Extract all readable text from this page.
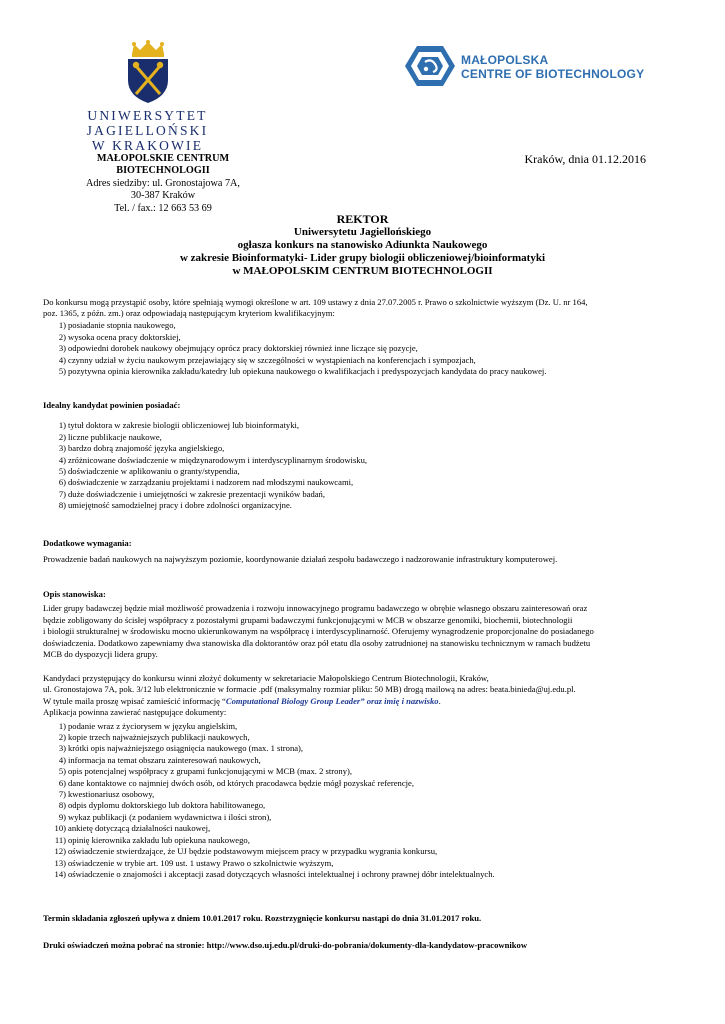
UNIWERSYTET JAGIELLOŃSKI
W KRAKOWIE
MAŁOPOLSKA
CENTRE OF BIOTECHNOLOGY
MAŁOPOLSKIE CENTRUM
BIOTECHNOLOGII
Adres siedziby: ul. Gronostajowa 7A,
30-387 Kraków
Tel. / fax.: 12 663 53 69
Kraków, dnia 01.12.2016
REKTOR
Uniwersytetu Jagiellońskiego
ogłasza konkurs na stanowisko Adiunkta Naukowego
w zakresie Bioinformatyki- Lider grupy biologii obliczeniowej/bioinformatyki
w MAŁOPOLSKIM CENTRUM BIOTECHNOLOGII
Do konkursu mogą przystąpić osoby, które spełniają wymogi określone w art. 109 ustawy z dnia 27.07.2005 r. Prawo o szkolnictwie wyższym (Dz. U. nr 164,
poz. 1365, z późn. zm.) oraz odpowiadają następującym kryteriom kwalifikacyjnym:
1) posiadanie stopnia naukowego,
2) wysoka ocena pracy doktorskiej,
3) odpowiedni dorobek naukowy obejmujący oprócz pracy doktorskiej również inne liczące się pozycje,
4) czynny udział w życiu naukowym przejawiający się w szczególności w wystąpieniach na konferencjach i sympozjach,
5) pozytywna opinia kierownika zakładu/katedry lub opiekuna naukowego o kwalifikacjach i predyspozycjach kandydata do pracy naukowej.
Idealny kandydat powinien posiadać:
1) tytuł doktora w zakresie biologii obliczeniowej lub bioinformatyki,
2) liczne publikacje naukowe,
3) bardzo dobrą znajomość języka angielskiego,
4) zróżnicowane doświadczenie w międzynarodowym i interdyscyplinarnym środowisku,
5) doświadczenie w aplikowaniu o granty/stypendia,
6) doświadczenie w zarządzaniu projektami i nadzorem nad młodszymi naukowcami,
7) duże doświadczenie i umiejętności w zakresie prezentacji wyników badań,
8) umiejętność samodzielnej pracy i dobre zdolności organizacyjne.
Dodatkowe wymagania:
Prowadzenie badań naukowych na najwyższym poziomie, koordynowanie działań zespołu badawczego i nadzorowanie infrastruktury komputerowej.
Opis stanowiska:
Lider grupy badawczej będzie miał możliwość prowadzenia i rozwoju innowacyjnego programu badawczego w obrębie własnego obszaru zainteresowań oraz
będzie zobligowany do ścisłej współpracy z pozostałymi grupami badawczymi funkcjonującymi w MCB w obszarze genomiki, biochemii, biotechnologii
i biologii strukturalnej w środowisku mocno ukierunkowanym na współpracę i interdyscyplinarność. Oferujemy wynagrodzenie proporcjonalne do posiadanego
doświadczenia. Dodatkowo zapewniamy dwa stanowiska dla doktorantów oraz pół etatu dla osoby zatrudnionej na stanowisku technicznym w ramach budżetu
MCB do dyspozycji lidera grupy.
Kandydaci przystępujący do konkursu winni złożyć dokumenty w sekretariacie Małopolskiego Centrum Biotechnologii, Kraków,
ul. Gronostajowa 7A, pok. 3/12 lub elektronicznie w formacie .pdf (maksymalny rozmiar pliku: 50 MB) drogą mailową na adres: beata.binieda@uj.edu.pl.
W tytule maila proszę wpisać zamieścić informację “Computational Biology Group Leader” oraz imię i nazwisko.
Aplikacja powinna zawierać następujące dokumenty:
1) podanie wraz z życiorysem w języku angielskim,
2) kopie trzech najważniejszych publikacji naukowych,
3) krótki opis najważniejszego osiągnięcia naukowego (max. 1 strona),
4) informacja na temat obszaru zainteresowań naukowych,
5) opis potencjalnej współpracy z grupami funkcjonującymi w MCB (max. 2 strony),
6) dane kontaktowe co najmniej dwóch osób, od których pracodawca będzie mógł pozyskać referencje,
7) kwestionariusz osobowy,
8) odpis dyplomu doktorskiego lub doktora habilitowanego,
9) wykaz publikacji (z podaniem wydawnictwa i ilości stron),
10) ankietę dotyczącą działalności naukowej,
11) opinię kierownika zakładu lub opiekuna naukowego,
12) oświadczenie stwierdzające, że UJ będzie podstawowym miejscem pracy w przypadku wygrania konkursu,
13) oświadczenie w trybie art. 109 ust. 1 ustawy Prawo o szkolnictwie wyższym,
14) oświadczenie o znajomości i akceptacji zasad dotyczących własności intelektualnej i ochrony prawnej dóbr intelektualnych.
Termin składania zgłoszeń upływa z dniem 10.01.2017 roku. Rozstrzygnięcie konkursu nastąpi do dnia 31.01.2017 roku.
Druki oświadczeń można pobrać na stronie: http://www.dso.uj.edu.pl/druki-do-pobrania/dokumenty-dla-kandydatow-pracownikow
